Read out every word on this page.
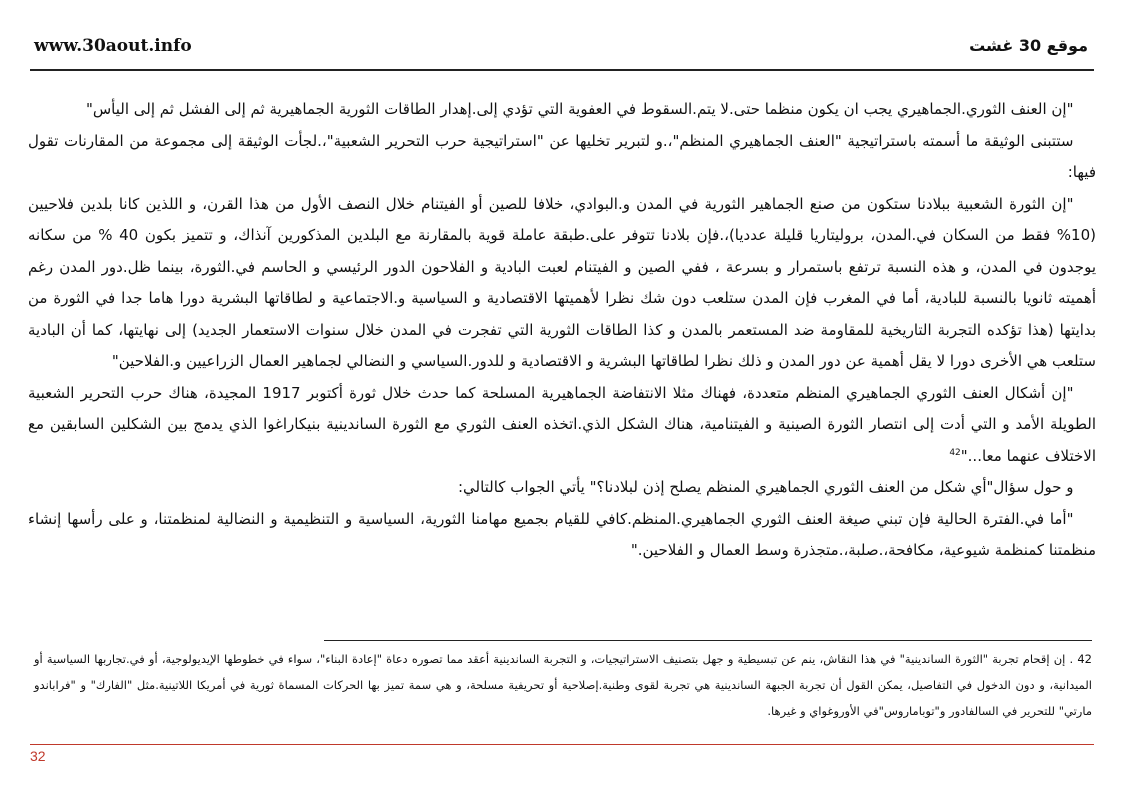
www.30aout.info	موقع 30 غشت

"إن العنف الثوري.الجماهيري يجب ان يكون منظما حتى.لا يتم.السقوط في العفوية التي تؤدي إلى.إهدار الطاقات الثورية الجماهيرية ثم إلى الفشل ثم إلى اليأس"

ستتبنى الوثيقة ما أسمته باستراتيجية "العنف الجماهيري المنظم"،.و لتبرير تخليها عن "استراتيجية حرب التحرير الشعبية"،.لجأت الوثيقة إلى مجموعة من المقارنات تقول فيها:

"إن الثورة الشعبية ببلادنا ستكون من صنع الجماهير الثورية في المدن و.البوادي، خلافا للصين أو الفيتنام خلال النصف الأول من هذا القرن، و اللذين كانا بلدين فلاحيين (10% فقط من السكان في.المدن، بروليتاريا قليلة عدديا)،.فإن بلادنا تتوفر على.طبقة عاملة قوية بالمقارنة مع البلدين المذكورين آنذاك، و تتميز بكون 40 % من سكانه يوجدون في المدن، و هذه النسبة ترتفع باستمرار و بسرعة ، ففي الصين و الفيتنام لعبت البادية و الفلاحون الدور الرئيسي و الحاسم في.الثورة، بينما ظل.دور المدن رغم أهميته ثانويا بالنسبة للبادية، أما في المغرب فإن المدن ستلعب دون شك نظرا لأهميتها الاقتصادية و السياسية و.الاجتماعية و لطاقاتها البشرية دورا هاما جدا في الثورة من بدايتها (هذا تؤكده التجربة التاريخية للمقاومة ضد المستعمر بالمدن و كذا الطاقات الثورية التي تفجرت في المدن خلال سنوات الاستعمار الجديد) إلى نهايتها، كما أن البادية ستلعب هي الأخرى دورا لا يقل أهمية عن دور المدن و ذلك نظرا لطاقاتها البشرية و الاقتصادية و للدور.السياسي و النضالي لجماهير العمال الزراعيين و.الفلاحين"

"إن أشكال العنف الثوري الجماهيري المنظم متعددة، فهناك مثلا الانتفاضة الجماهيرية المسلحة كما حدث خلال ثورة أكتوبر 1917 المجيدة، هناك حرب التحرير الشعبية الطويلة الأمد و التي أدت إلى انتصار الثورة الصينية و الفيتنامية، هناك الشكل الذي.اتخذه العنف الثوري مع الثورة الساندينية بنيكاراغوا الذي يدمج بين الشكلين السابقين مع الاختلاف عنهما معا..."$^{42}$

و حول سؤال"أي شكل من العنف الثوري الجماهيري المنظم يصلح إذن لبلادنا؟" يأتي الجواب كالتالي:

"أما في.الفترة الحالية فإن تبني صيغة العنف الثوري الجماهيري.المنظم.كافي للقيام بجميع مهامنا الثورية، السياسية و التنظيمية و النضالية لمنظمتنا، و على رأسها إنشاء منظمتنا كمنظمة شيوعية، مكافحة،.صلبة،.متجذرة وسط العمال و الفلاحين."

42 . إن إقحام تجربة "الثورة الساندينية" في هذا النقاش، ينم عن تبسيطية و جهل بتصنيف الاستراتيجيات، و التجربة الساندينية أعقد مما تصوره دعاة "إعادة البناء"، سواء في خطوطها الإيديولوجية، أو في.تجاربها السياسية أو الميدانية، و دون الدخول في التفاصيل، يمكن القول أن تجربة الجبهة الساندينية هي تجربة لقوى وطنية.إصلاحية أو تحريفية مسلحة، و هي سمة تميز بها الحركات المسماة ثورية في أمريكا اللاتينية.مثل "الفارك" و "فراباندو مارتي" للتحرير في السالفادور و"توباماروس"في الأوروغواي و غيرها.

32
